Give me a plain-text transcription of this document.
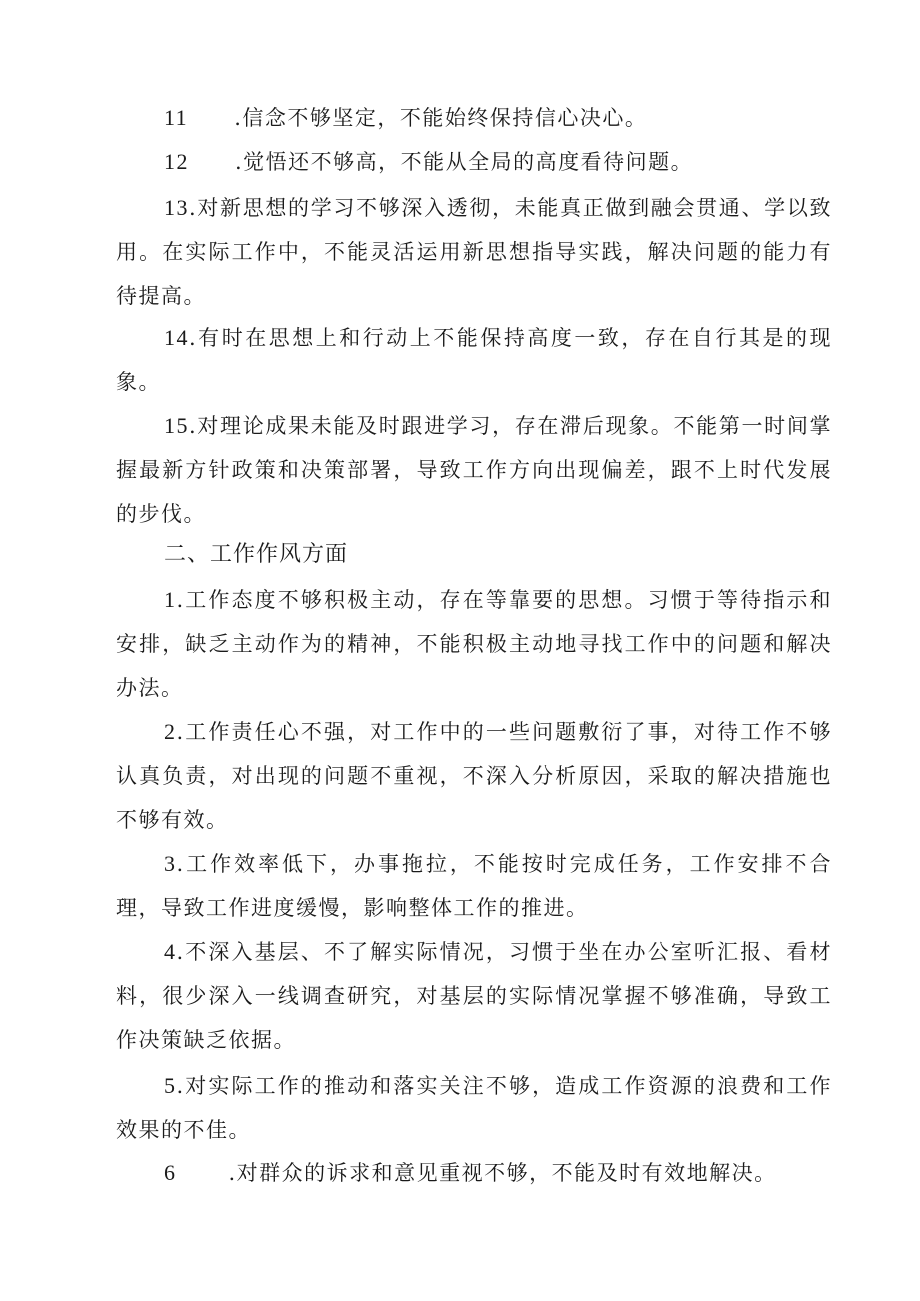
11 .信念不够坚定，不能始终保持信心决心。

12 .觉悟还不够高，不能从全局的高度看待问题。

13.对新思想的学习不够深入透彻，未能真正做到融会贯通、学以致用。在实际工作中，不能灵活运用新思想指导实践，解决问题的能力有待提高。

14.有时在思想上和行动上不能保持高度一致，存在自行其是的现象。

15.对理论成果未能及时跟进学习，存在滞后现象。不能第一时间掌握最新方针政策和决策部署，导致工作方向出现偏差，跟不上时代发展的步伐。

二、工作作风方面

1.工作态度不够积极主动，存在等靠要的思想。习惯于等待指示和安排，缺乏主动作为的精神，不能积极主动地寻找工作中的问题和解决办法。

2.工作责任心不强，对工作中的一些问题敷衍了事，对待工作不够认真负责，对出现的问题不重视，不深入分析原因，采取的解决措施也不够有效。

3.工作效率低下，办事拖拉，不能按时完成任务，工作安排不合理，导致工作进度缓慢，影响整体工作的推进。

4.不深入基层、不了解实际情况，习惯于坐在办公室听汇报、看材料，很少深入一线调查研究，对基层的实际情况掌握不够准确，导致工作决策缺乏依据。

5.对实际工作的推动和落实关注不够，造成工作资源的浪费和工作效果的不佳。

6 .对群众的诉求和意见重视不够，不能及时有效地解决。
